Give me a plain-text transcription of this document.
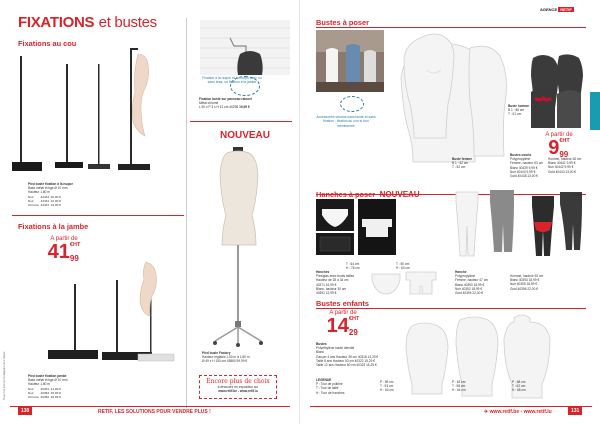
FIXATIONS et bustes
Fixations au cou
Pied buste fixation à la nuque
Base métal et tige Ø 10 mm
Hauteur 1,80 m
Noir	43433	20,00 €
Noir	43434	22,00 €
Chrome	43437	24,00 €
Fixations à la jambe
A partir de
41 €HT
99
Pied buste fixation jambe
Base métal et tige Ø 10 mm
Hauteur 1,80 m
Noir	40351	41,99 €
Noir	40353	45,99 €
Chrome	40352	48,99 €
Tous nos prix sont indiqués Hors Taxes
Fixation à la nuque et au corps avec ou sans bras, ou fixation à la jambe
Fixation buste sur panneau rainuré
Métal chromé
L 90 x P 3 x H 13 cm 46298 19,99 €
NOUVEAU
Pied buste Factory
Hauteur réglable 1,50 m à 1,80 m
Ø 49 x H 150 cm 45860 99,99 €
Encore plus de choix
à découvrir en exposition sur
www.retif.be - www.retif.lu
130	RETIF, LES SOLUTIONS POUR VENDRE PLUS !
AGENCE RETIF
Bustes à poser
Accessoires vendus sans buste et sans fixation ; fixation au cou si non mentionnée
Buste femme
B 1 : 62 cm
T : 52 cm
Buste homme
B 1 : 86 cm
T : 61 cm
A partir de
9 €HT
99
Bustes courts
Polypropylène
Femme, hauteur 53 cm
Blanc 40439 9,99 €
Noir 40440 9,99 €
Gold 40438 13,00 €
Homme, hauteur 60 cm
Blanc 40441 9,99 €
Noir 40442 9,99 €
Gold 40443 13,00 €
Hanches à poser NOUVEAU
T : 50 cm
H : 63 cm
T : 64 cm
H : 76 cm
Hanches
Plexiglas avec bouts tailles
Hauteur de 28 à 34 cm
40371 16,99 €
Blanc, hauteur 30 cm
40391 12,99 €
Modèle
Hanche
Polypropylène
Femme, hauteur 47 cm
Blanc 40390 18,99 €
Noir 40392 18,99 €
Gold 40394 22,00 €
Homme, hauteur 52 cm
Blanc 40393 18,99 €
Noir 40395 18,99 €
Gold 40396 22,00 €
Bustes enfants
A partir de
14 €HT
29
Bustes
Polyéthylène haute densité
Blanc
Garçon 4 ans Hauteur 39 cm 40318 14,29 €
Taille 8 ans Hauteur 53 cm 40322 15,29 €
Taille 12 ans Hauteur 60 cm 40323 16,29 €
LEGENDE
P : Tour de poitrine
T : Tour de taille
H : Tour de hanches
P : 56 cm
T : 53 cm
H : 60 cm
P : 62 cm
T : 58 cm
H : 64 cm
P : 68 cm
T : 62 cm
H : 68 cm
✈ www.retif.be - www.retif.lu	131
